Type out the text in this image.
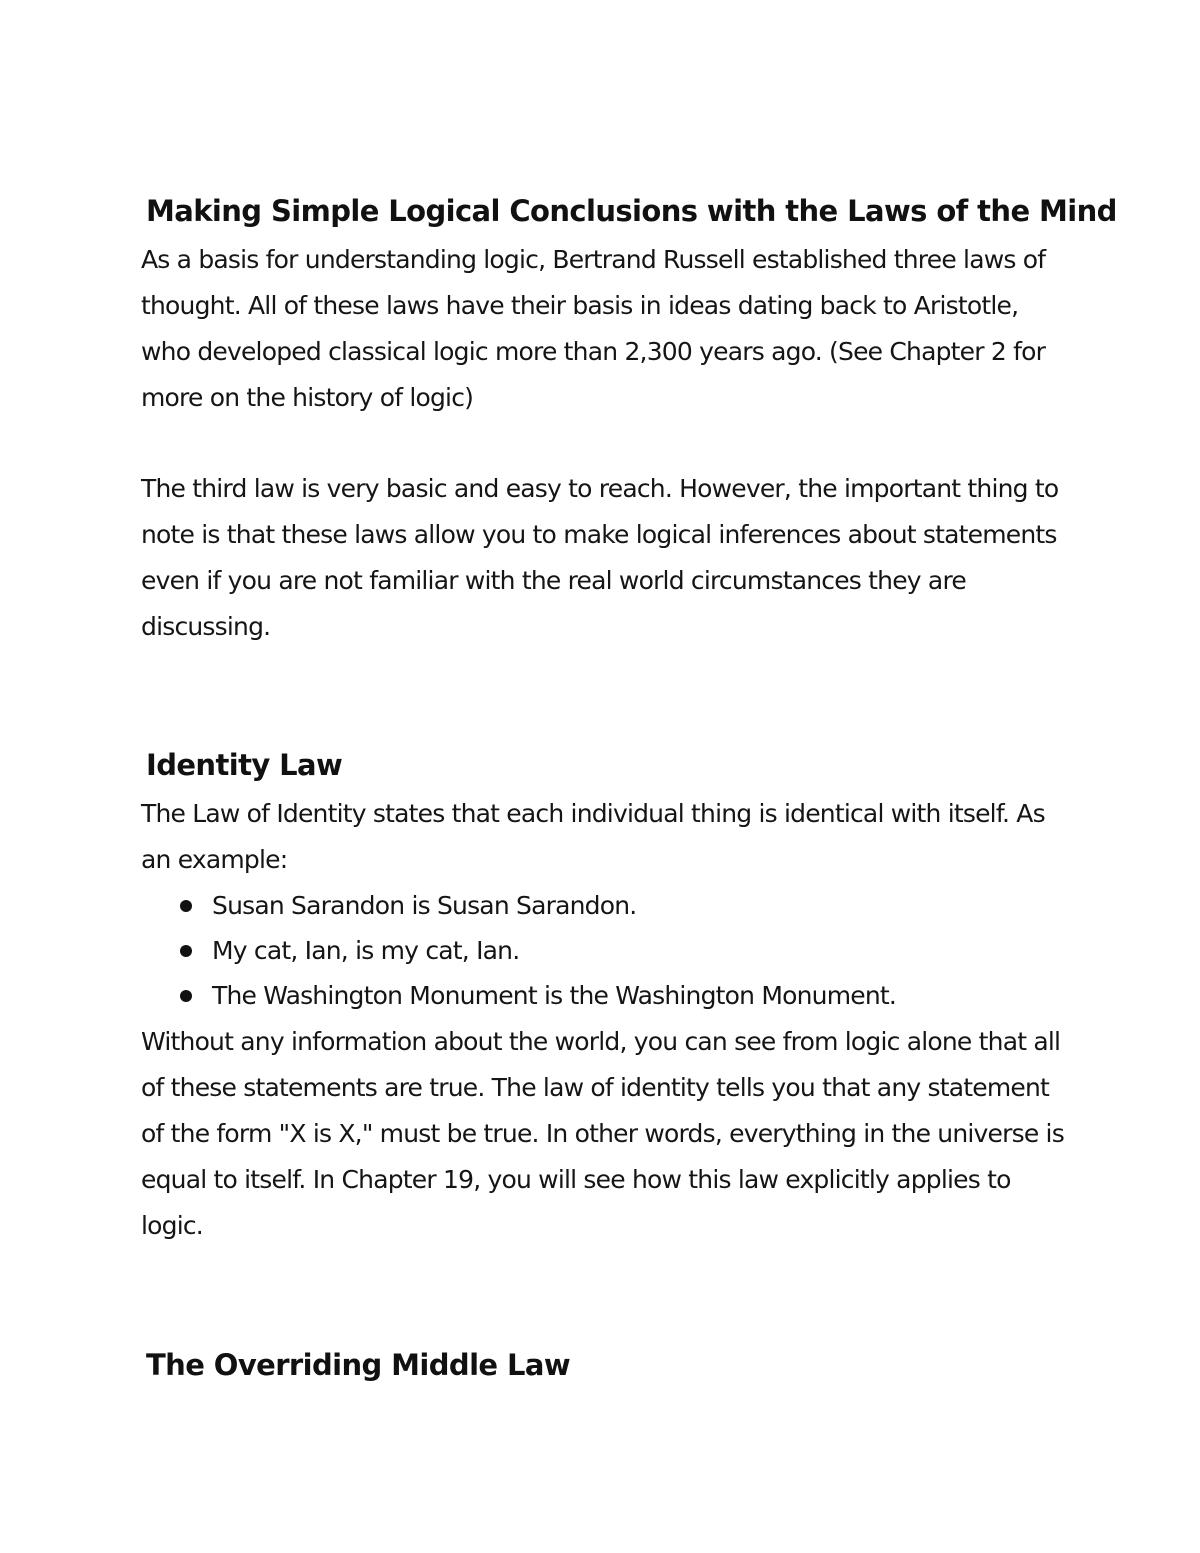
Making Simple Logical Conclusions with the Laws of the Mind
As a basis for understanding logic, Bertrand Russell established three laws of
thought. All of these laws have their basis in ideas dating back to Aristotle,
who developed classical logic more than 2,300 years ago. (See Chapter 2 for
more on the history of logic)
The third law is very basic and easy to reach. However, the important thing to
note is that these laws allow you to make logical inferences about statements
even if you are not familiar with the real world circumstances they are
discussing.
Identity Law
The Law of Identity states that each individual thing is identical with itself. As
an example:
Susan Sarandon is Susan Sarandon.
My cat, Ian, is my cat, Ian.
The Washington Monument is the Washington Monument.
Without any information about the world, you can see from logic alone that all
of these statements are true. The law of identity tells you that any statement
of the form "X is X," must be true. In other words, everything in the universe is
equal to itself. In Chapter 19, you will see how this law explicitly applies to
logic.
The Overriding Middle Law
